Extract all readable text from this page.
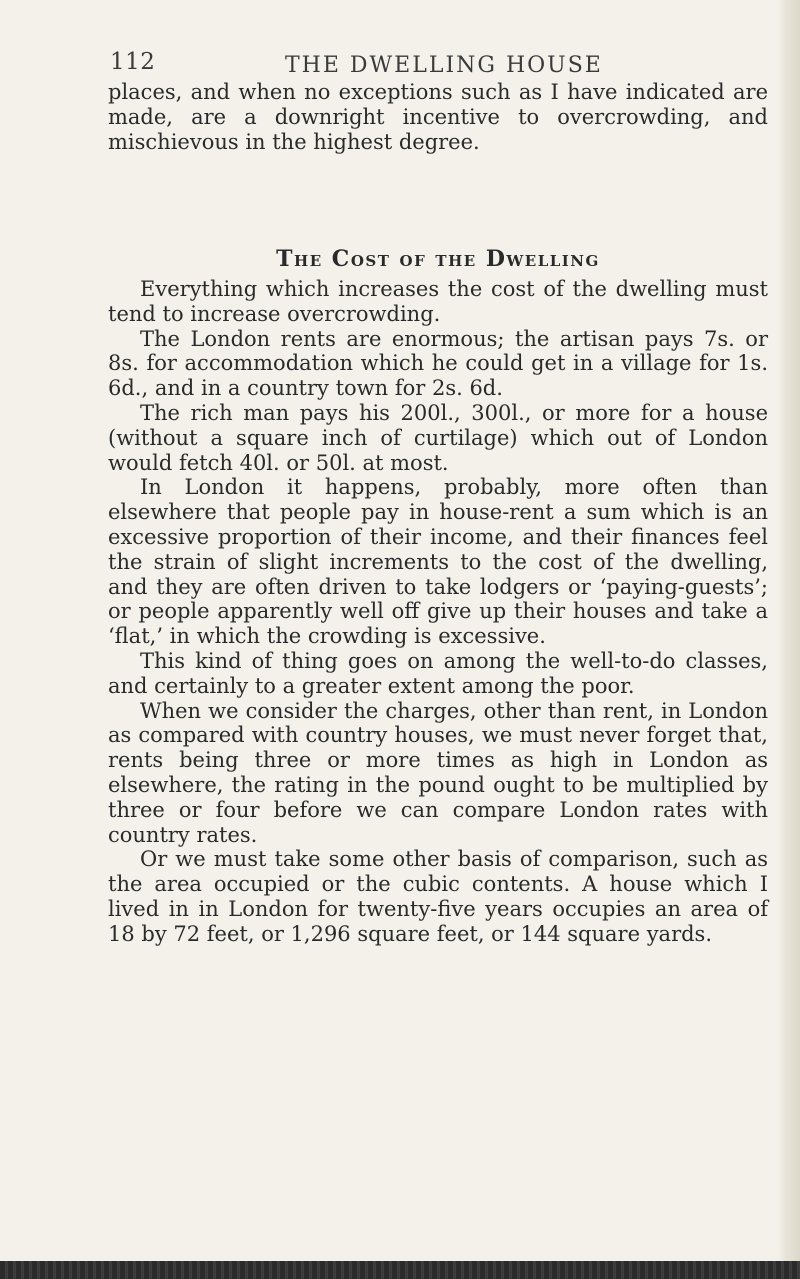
112	THE DWELLING HOUSE

places, and when no exceptions such as I have indicated are made, are a downright incentive to overcrowding, and mischievous in the highest degree.

The Cost of the Dwelling

Everything which increases the cost of the dwelling must tend to increase overcrowding.

The London rents are enormous; the artisan pays 7s. or 8s. for accommodation which he could get in a village for 1s. 6d., and in a country town for 2s. 6d.

The rich man pays his 200l., 300l., or more for a house (without a square inch of curtilage) which out of London would fetch 40l. or 50l. at most.

In London it happens, probably, more often than elsewhere that people pay in house-rent a sum which is an excessive proportion of their income, and their finances feel the strain of slight increments to the cost of the dwelling, and they are often driven to take lodgers or ‘paying-guests’; or people apparently well off give up their houses and take a ‘flat,’ in which the crowding is excessive.

This kind of thing goes on among the well-to-do classes, and certainly to a greater extent among the poor.

When we consider the charges, other than rent, in London as compared with country houses, we must never forget that, rents being three or more times as high in London as elsewhere, the rating in the pound ought to be multiplied by three or four before we can compare London rates with country rates.

Or we must take some other basis of comparison, such as the area occupied or the cubic contents. A house which I lived in in London for twenty-five years occupies an area of 18 by 72 feet, or 1,296 square feet, or 144 square yards.
